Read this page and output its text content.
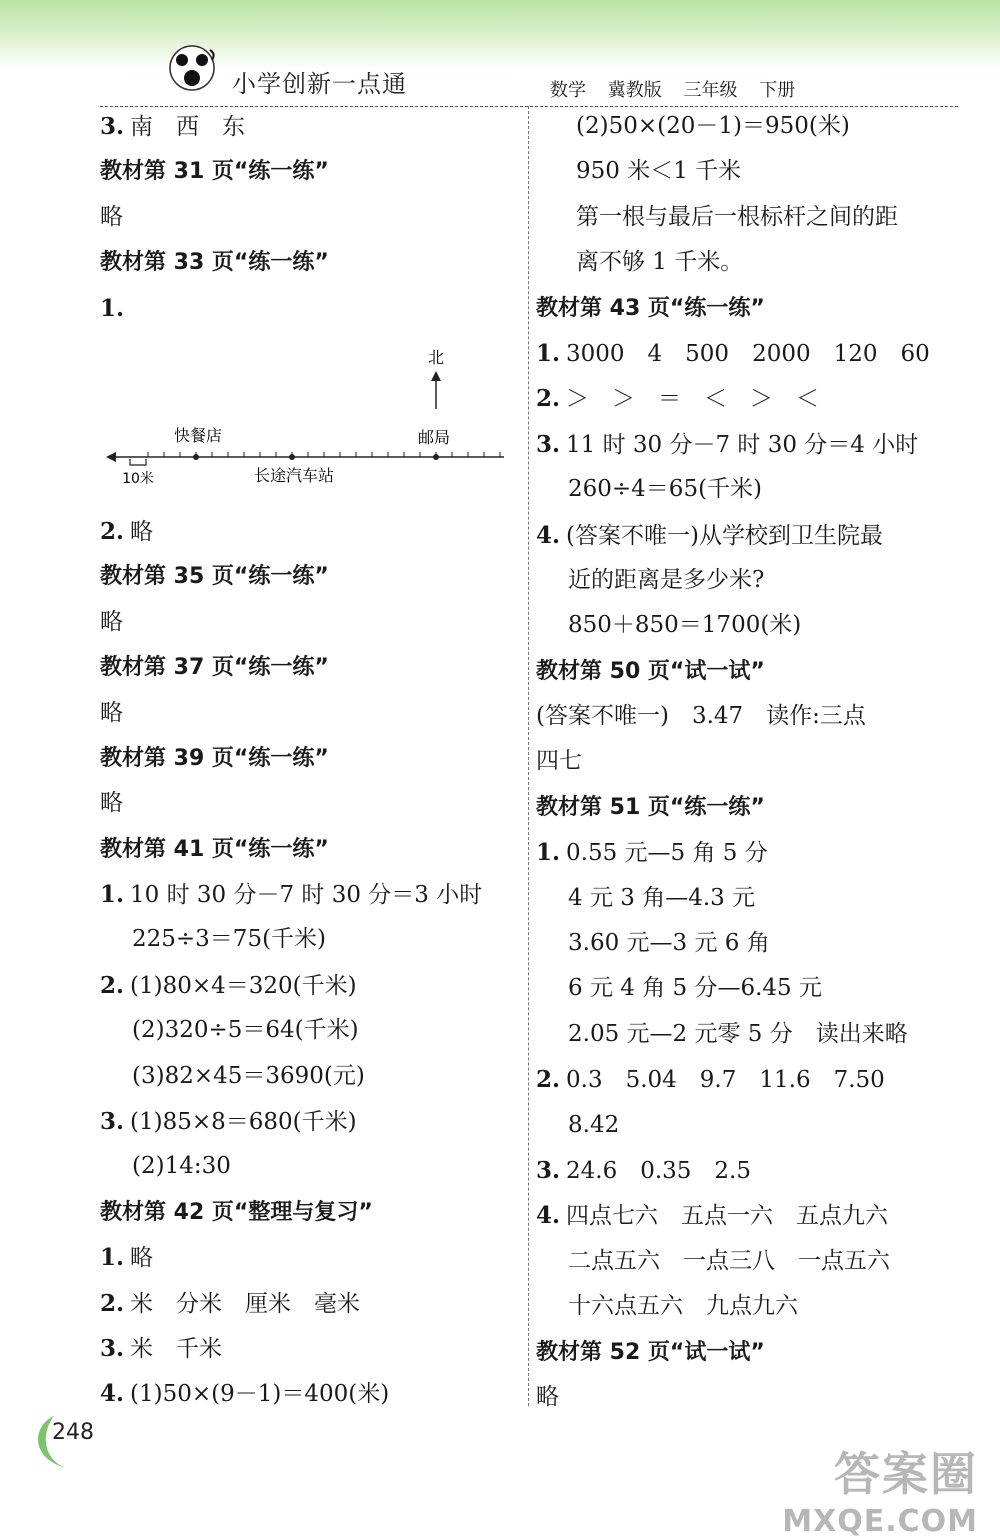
小学创新一点通	数学 冀教版 三年级 下册
3. 南　西　东
教材第 31 页“练一练”
略
教材第 33 页“练一练”
1.
北
10米
快餐店
长途汽车站
邮局
2. 略
教材第 35 页“练一练”
略
教材第 37 页“练一练”
略
教材第 39 页“练一练”
略
教材第 41 页“练一练”
1. 10 时 30 分－7 时 30 分＝3 小时
225÷3＝75(千米)
2. (1)80×4＝320(千米)
(2)320÷5＝64(千米)
(3)82×45＝3690(元)
3. (1)85×8＝680(千米)
(2)14:30
教材第 42 页“整理与复习”
1. 略
2. 米　分米　厘米　毫米
3. 米　千米
4. (1)50×(9－1)＝400(米)
(2)50×(20－1)＝950(米)
950 米＜1 千米
第一根与最后一根标杆之间的距
离不够 1 千米。
教材第 43 页“练一练”
1. 3000　4　500　2000　120　60
2. ＞　＞　＝　＜　＞　＜
3. 11 时 30 分－7 时 30 分＝4 小时
260÷4＝65(千米)
4. (答案不唯一)从学校到卫生院最
近的距离是多少米?
850＋850＝1700(米)
教材第 50 页“试一试”
(答案不唯一)　3.47　读作:三点
四七
教材第 51 页“练一练”
1. 0.55 元—5 角 5 分
4 元 3 角—4.3 元
3.60 元—3 元 6 角
6 元 4 角 5 分—6.45 元
2.05 元—2 元零 5 分　读出来略
2. 0.3　5.04　9.7　11.6　7.50
8.42
3. 24.6　0.35　2.5
4. 四点七六　五点一六　五点九六
二点五六　一点三八　一点五六
十六点五六　九点九六
教材第 52 页“试一试”
略
248
答案圈
MXQE.COM
